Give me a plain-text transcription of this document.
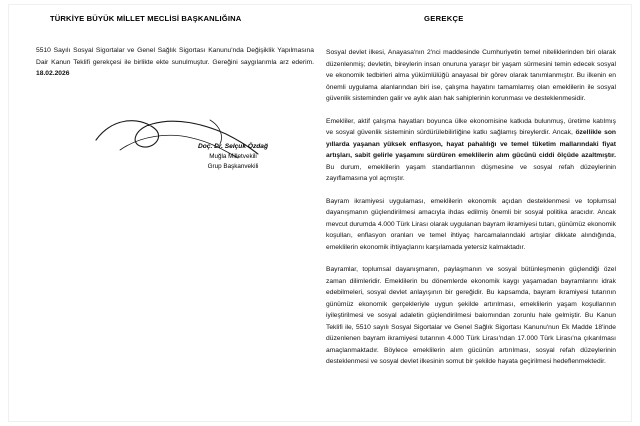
TÜRKİYE BÜYÜK MİLLET MECLİSİ BAŞKANLIĞINA

5510 Sayılı Sosyal Sigortalar ve Genel Sağlık Sigortası Kanunu'nda Değişiklik Yapılmasına Dair Kanun Teklifi gerekçesi ile birlikte ekte sunulmuştur. Gereğini saygılarımla arz ederim. 18.02.2026

Doç. Dr. Selçuk Özdağ
Muğla Milletvekili
Grup Başkanvekili
GEREKÇE

Sosyal devlet ilkesi, Anayasa'nın 2'nci maddesinde Cumhuriyetin temel niteliklerinden biri olarak düzenlenmiş; devletin, bireylerin insan onuruna yaraşır bir yaşam sürmesini temin edecek sosyal ve ekonomik tedbirleri alma yükümlülüğü anayasal bir görev olarak tanımlanmıştır. Bu ilkenin en önemli uygulama alanlarından biri ise, çalışma hayatını tamamlamış olan emeklilerin ile sosyal güvenlik sisteminden galir ve aylık alan hak sahiplerinin korunması ve desteklenmesidir.

Emekliler, aktif çalışma hayatları boyunca ülke ekonomisine katkıda bulunmuş, üretime katılmış ve sosyal güvenlik sisteminin sürdürülebilirliğine katkı sağlamış bireylerdir. Ancak, özellikle son yıllarda yaşanan yüksek enflasyon, hayat pahalılığı ve temel tüketim mallarındaki fiyat artışları, sabit gelirle yaşamını sürdüren emeklilerin alım gücünü ciddi ölçüde azaltmıştır. Bu durum, emeklilerin yaşam standartlarının düşmesine ve sosyal refah düzeylerinin zayıflamasına yol açmıştır.

Bayram ikramiyesi uygulaması, emeklilerin ekonomik açıdan desteklenmesi ve toplumsal dayanışmanın güçlendirilmesi amacıyla ihdas edilmiş önemli bir sosyal politika aracıdır. Ancak mevcut durumda 4.000 Türk Lirası olarak uygulanan bayram ikramiyesi tutarı, günümüz ekonomik koşulları, enflasyon oranları ve temel ihtiyaç harcamalarındaki artışlar dikkate alındığında, emeklilerin ekonomik ihtiyaçlarını karşılamada yetersiz kalmaktadır.

Bayramlar, toplumsal dayanışmanın, paylaşmanın ve sosyal bütünleşmenin güçlendiği özel zaman dilimleridir. Emeklilerin bu dönemlerde ekonomik kaygı yaşamadan bayramlarını idrak edebilmeleri, sosyal devlet anlayışının bir gereğidir. Bu kapsamda, bayram ikramiyesi tutarının günümüz ekonomik gerçekleriyle uygun şekilde artırılması, emeklilerin yaşam koşullarının iyileştirilmesi ve sosyal adaletin güçlendirilmesi bakımından zorunlu hale gelmiştir. Bu Kanun Teklifi ile, 5510 sayılı Sosyal Sigortalar ve Genel Sağlık Sigortası Kanunu'nun Ek Madde 18'inde düzenlenen bayram ikramiyesi tutarının 4.000 Türk Lirası'ndan 17.000 Türk Lirası'na çıkarılması amaçlanmaktadır. Böylece emeklilerin alım gücünün artırılması, sosyal refah düzeylerinin desteklenmesi ve sosyal devlet ilkesinin somut bir şekilde hayata geçirilmesi hedeflenmektedir.
